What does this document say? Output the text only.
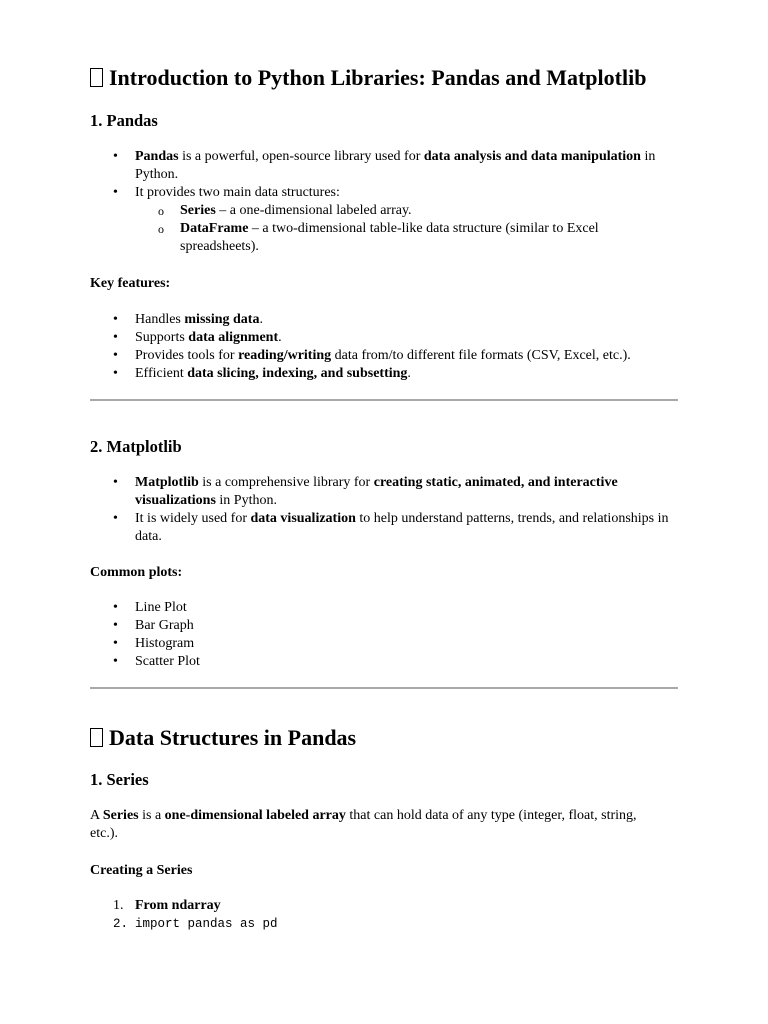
Introduction to Python Libraries: Pandas and Matplotlib
1. Pandas
• Pandas is a powerful, open-source library used for data analysis and data manipulation in Python.
• It provides two main data structures:
o Series – a one-dimensional labeled array.
o DataFrame – a two-dimensional table-like data structure (similar to Excel spreadsheets).
Key features:
• Handles missing data.
• Supports data alignment.
• Provides tools for reading/writing data from/to different file formats (CSV, Excel, etc.).
• Efficient data slicing, indexing, and subsetting.
2. Matplotlib
• Matplotlib is a comprehensive library for creating static, animated, and interactive visualizations in Python.
• It is widely used for data visualization to help understand patterns, trends, and relationships in data.
Common plots:
• Line Plot
• Bar Graph
• Histogram
• Scatter Plot
Data Structures in Pandas
1. Series

A Series is a one-dimensional labeled array that can hold data of any type (integer, float, string, etc.).

Creating a Series
1. From ndarray
2. import pandas as pd
